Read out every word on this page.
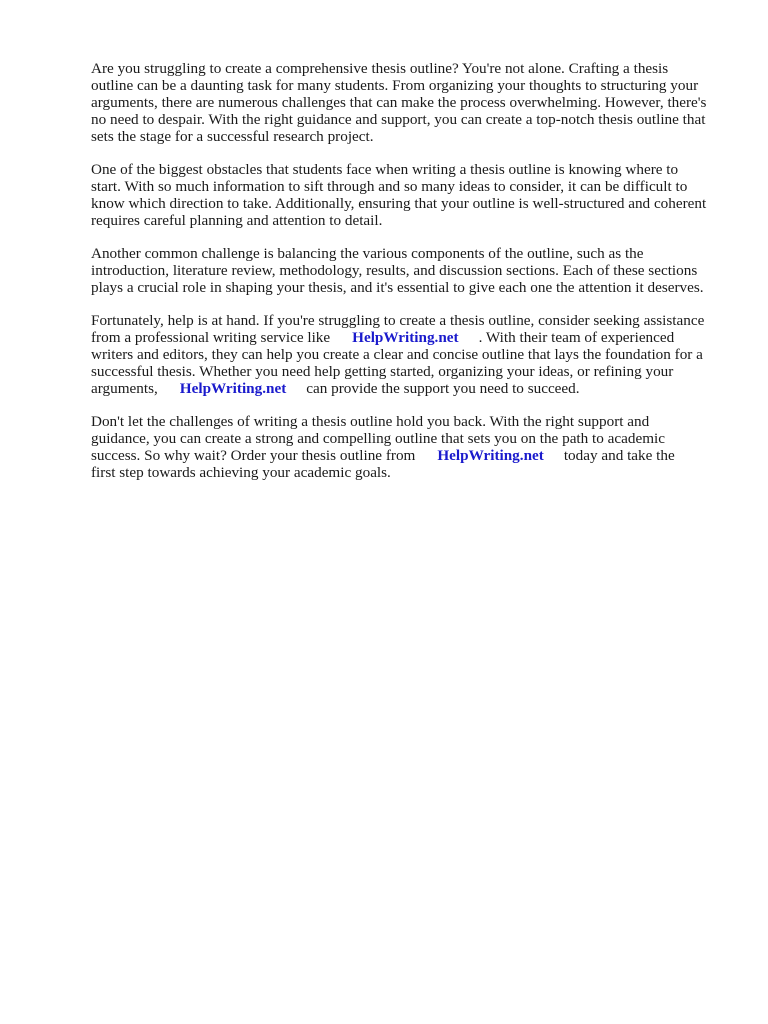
Are you struggling to create a comprehensive thesis outline? You're not alone. Crafting a thesis
outline can be a daunting task for many students. From organizing your thoughts to structuring your
arguments, there are numerous challenges that can make the process overwhelming. However, there's
no need to despair. With the right guidance and support, you can create a top-notch thesis outline that
sets the stage for a successful research project.

One of the biggest obstacles that students face when writing a thesis outline is knowing where to
start. With so much information to sift through and so many ideas to consider, it can be difficult to
know which direction to take. Additionally, ensuring that your outline is well-structured and coherent
requires careful planning and attention to detail.

Another common challenge is balancing the various components of the outline, such as the
introduction, literature review, methodology, results, and discussion sections. Each of these sections
plays a crucial role in shaping your thesis, and it's essential to give each one the attention it deserves.

Fortunately, help is at hand. If you're struggling to create a thesis outline, consider seeking assistance
from a professional writing service like HelpWriting.net . With their team of experienced
writers and editors, they can help you create a clear and concise outline that lays the foundation for a
successful thesis. Whether you need help getting started, organizing your ideas, or refining your
arguments, HelpWriting.net can provide the support you need to succeed.

Don't let the challenges of writing a thesis outline hold you back. With the right support and
guidance, you can create a strong and compelling outline that sets you on the path to academic
success. So why wait? Order your thesis outline from HelpWriting.net today and take the
first step towards achieving your academic goals.
